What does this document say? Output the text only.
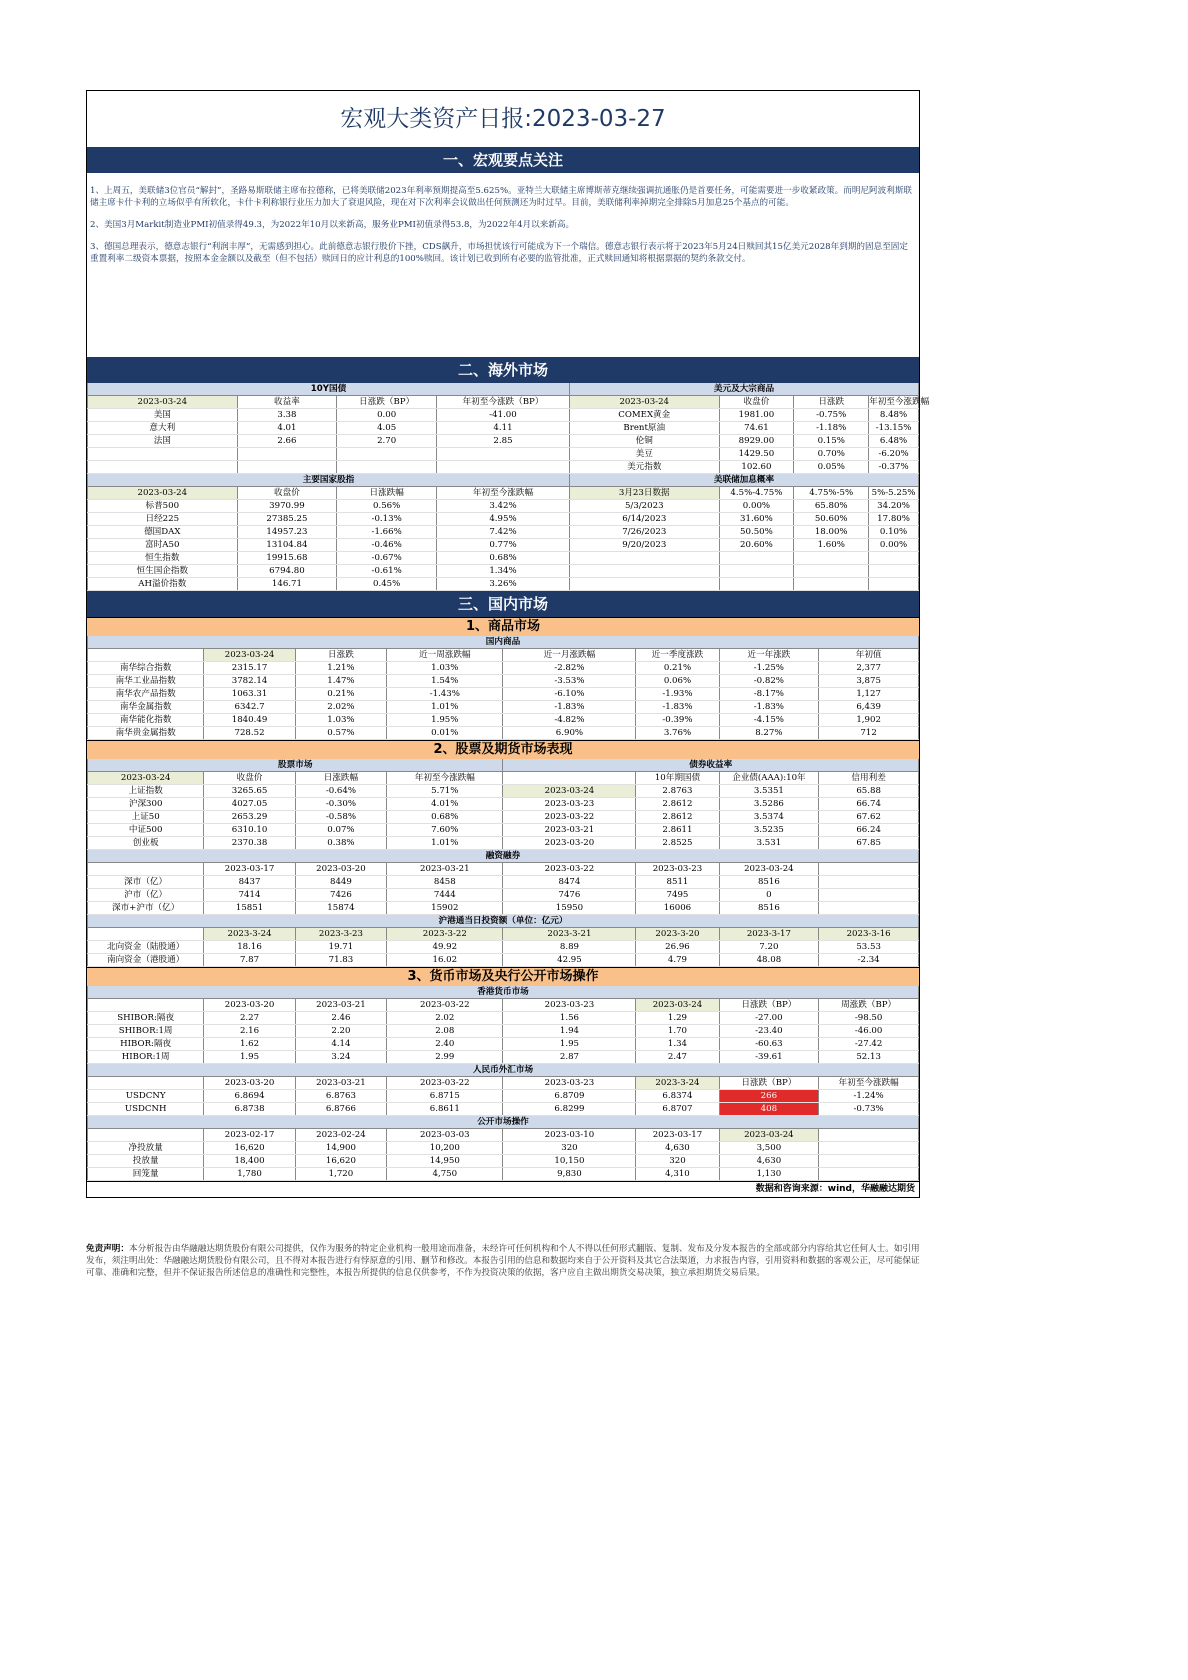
宏观大类资产日报:2023-03-27
一、宏观要点关注

1、上周五，美联储3位官员“解封”，圣路易斯联储主席布拉德称，已将美联储2023年利率预期提高至5.625%。亚特兰大联储主席博斯蒂克继续强调抗通胀仍是首要任务，可能需要进一步收紧政策。而明尼阿波利斯联储主席卡什卡利的立场似乎有所软化，卡什卡利称银行业压力加大了衰退风险，现在对下次利率会议做出任何预测还为时过早。目前，美联储利率掉期完全排除5月加息25个基点的可能。

2、美国3月Markit制造业PMI初值录得49.3，为2022年10月以来新高，服务业PMI初值录得53.8，为2022年4月以来新高。

3、德国总理表示，德意志银行“利润丰厚”，无需感到担心。此前德意志银行股价下挫，CDS飙升，市场担忧该行可能成为下一个瑞信。德意志银行表示将于2023年5月24日赎回其15亿美元2028年到期的固息至固定重置利率二级资本票据，按照本金金额以及截至（但不包括）赎回日的应计利息的100%赎回。该计划已收到所有必要的监管批准，正式赎回通知将根据票据的契约条款交付。

二、海外市场
10Y国债				美元及大宗商品			
2023-03-24	收益率	日涨跌（BP）	年初至今涨跌（BP）	2023-03-24	收盘价	日涨跌	年初至今涨跌幅
美国	3.38	0.00	-41.00	COMEX黄金	1981.00	-0.75%	8.48%
意大利	4.01	4.05	4.11	Brent原油	74.61	-1.18%	-13.15%
法国	2.66	2.70	2.85	伦铜	8929.00	0.15%	6.48%
				美豆	1429.50	0.70%	-6.20%
				美元指数	102.60	0.05%	-0.37%
主要国家股指				美联储加息概率			
2023-03-24	收盘价	日涨跌幅	年初至今涨跌幅	3月23日数据	4.5%-4.75%	4.75%-5%	5%-5.25%
标普500	3970.99	0.56%	3.42%	5/3/2023	0.00%	65.80%	34.20%
日经225	27385.25	-0.13%	4.95%	6/14/2023	31.60%	50.60%	17.80%
德国DAX	14957.23	-1.66%	7.42%	7/26/2023	50.50%	18.00%	0.10%
富时A50	13104.84	-0.46%	0.77%	9/20/2023	20.60%	1.60%	0.00%
恒生指数	19915.68	-0.67%	0.68%				
恒生国企指数	6794.80	-0.61%	1.34%				
AH溢价指数	146.71	0.45%	3.26%				
三、国内市场
1、商品市场
国内商品							
	2023-03-24	日涨跌	近一周涨跌幅	近一月涨跌幅	近一季度涨跌	近一年涨跌	年初值
南华综合指数	2315.17	1.21%	1.03%	-2.82%	0.21%	-1.25%	2,377
南华工业品指数	3782.14	1.47%	1.54%	-3.53%	0.06%	-0.82%	3,875
南华农产品指数	1063.31	0.21%	-1.43%	-6.10%	-1.93%	-8.17%	1,127
南华金属指数	6342.7	2.02%	1.01%	-1.83%	-1.83%	-1.83%	6,439
南华能化指数	1840.49	1.03%	1.95%	-4.82%	-0.39%	-4.15%	1,902
南华贵金属指数	728.52	0.57%	0.01%	6.90%	3.76%	8.27%	712
2、股票及期货市场表现
股票市场				债券收益率			
2023-03-24	收盘价	日涨跌幅	年初至今涨跌幅		10年期国债	企业债(AAA):10年	信用利差
上证指数	3265.65	-0.64%	5.71%	2023-03-24	2.8763	3.5351	65.88
沪深300	4027.05	-0.30%	4.01%	2023-03-23	2.8612	3.5286	66.74
上证50	2653.29	-0.58%	0.68%	2023-03-22	2.8612	3.5374	67.62
中证500	6310.10	0.07%	7.60%	2023-03-21	2.8611	3.5235	66.24
创业板	2370.38	0.38%	1.01%	2023-03-20	2.8525	3.531	67.85
融资融券							
	2023-03-17	2023-03-20	2023-03-21	2023-03-22	2023-03-23	2023-03-24	
深市（亿）	8437	8449	8458	8474	8511	8516	
沪市（亿）	7414	7426	7444	7476	7495	0	
深市+沪市（亿）	15851	15874	15902	15950	16006	8516	
沪港通当日投资额（单位：亿元）							
	2023-3-24	2023-3-23	2023-3-22	2023-3-21	2023-3-20	2023-3-17	2023-3-16
北向资金（陆股通）	18.16	19.71	49.92	8.89	26.96	7.20	53.53
南向资金（港股通）	7.87	71.83	16.02	42.95	4.79	48.08	-2.34
3、货币市场及央行公开市场操作
香港货币市场							
	2023-03-20	2023-03-21	2023-03-22	2023-03-23	2023-03-24	日涨跌（BP）	周涨跌（BP）
SHIBOR:隔夜	2.27	2.46	2.02	1.56	1.29	-27.00	-98.50
SHIBOR:1周	2.16	2.20	2.08	1.94	1.70	-23.40	-46.00
HIBOR:隔夜	1.62	4.14	2.40	1.95	1.34	-60.63	-27.42
HIBOR:1周	1.95	3.24	2.99	2.87	2.47	-39.61	52.13
人民币外汇市场							
	2023-03-20	2023-03-21	2023-03-22	2023-03-23	2023-3-24	日涨跌（BP）	年初至今涨跌幅
USDCNY	6.8694	6.8763	6.8715	6.8709	6.8374	266	-1.24%
USDCNH	6.8738	6.8766	6.8611	6.8299	6.8707	408	-0.73%
公开市场操作							
	2023-02-17	2023-02-24	2023-03-03	2023-03-10	2023-03-17	2023-03-24	
净投放量	16,620	14,900	10,200	320	4,630	3,500	
投放量	18,400	16,620	14,950	10,150	320	4,630	
回笼量	1,780	1,720	4,750	9,830	4,310	1,130	
数据和咨询来源：wind，华融融达期货
免责声明：本分析报告由华融融达期货股份有限公司提供，仅作为服务的特定企业机构一般用途而准备，未经许可任何机构和个人不得以任何形式翻版、复制、发布及分发本报告的全部或部分内容给其它任何人士。如引用发布，须注明出处：华融融达期货股份有限公司，且不得对本报告进行有悖原意的引用、删节和修改。本报告引用的信息和数据均来自于公开资料及其它合法渠道，力求报告内容，引用资料和数据的客观公正，尽可能保证可靠、准确和完整，但并不保证报告所述信息的准确性和完整性，本报告所提供的信息仅供参考，不作为投资决策的依据，客户应自主做出期货交易决策，独立承担期货交易后果。
